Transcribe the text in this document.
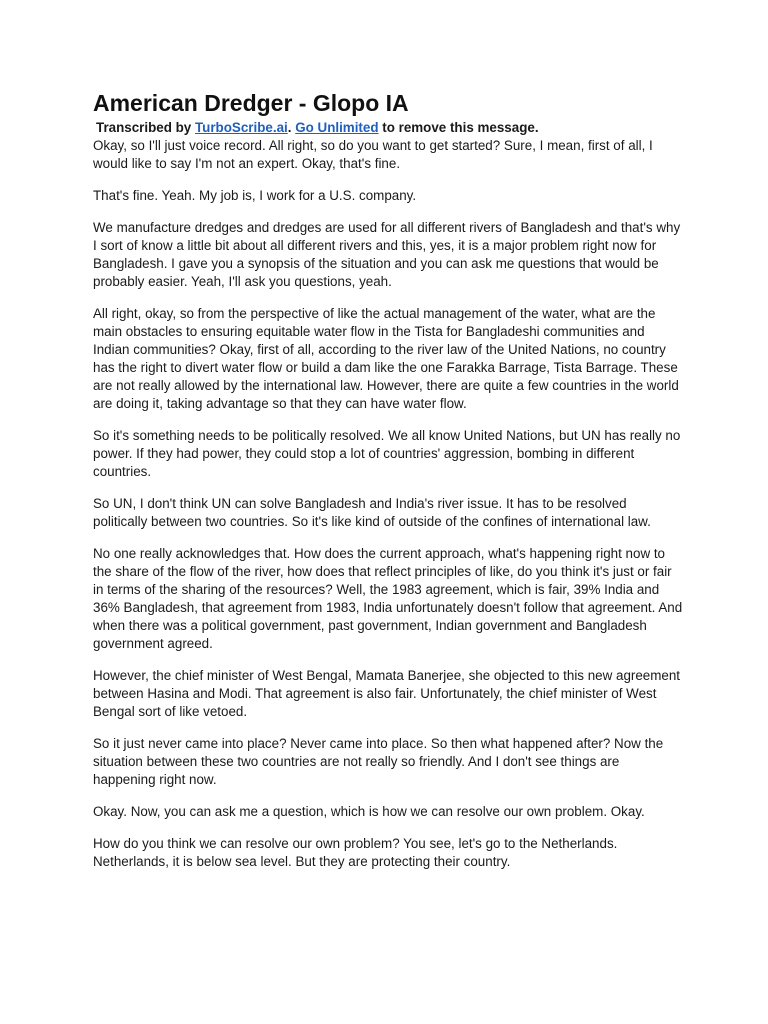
American Dredger - Glopo IA
Transcribed by TurboScribe.ai. Go Unlimited to remove this message.

Okay, so I'll just voice record. All right, so do you want to get started? Sure, I mean, first of all, I would like to say I'm not an expert. Okay, that's fine.

That's fine. Yeah. My job is, I work for a U.S. company.

We manufacture dredges and dredges are used for all different rivers of Bangladesh and that's why I sort of know a little bit about all different rivers and this, yes, it is a major problem right now for Bangladesh. I gave you a synopsis of the situation and you can ask me questions that would be probably easier. Yeah, I'll ask you questions, yeah.

All right, okay, so from the perspective of like the actual management of the water, what are the main obstacles to ensuring equitable water flow in the Tista for Bangladeshi communities and Indian communities? Okay, first of all, according to the river law of the United Nations, no country has the right to divert water flow or build a dam like the one Farakka Barrage, Tista Barrage. These are not really allowed by the international law. However, there are quite a few countries in the world are doing it, taking advantage so that they can have water flow.

So it's something needs to be politically resolved. We all know United Nations, but UN has really no power. If they had power, they could stop a lot of countries' aggression, bombing in different countries.

So UN, I don't think UN can solve Bangladesh and India's river issue. It has to be resolved politically between two countries. So it's like kind of outside of the confines of international law.

No one really acknowledges that. How does the current approach, what's happening right now to the share of the flow of the river, how does that reflect principles of like, do you think it's just or fair in terms of the sharing of the resources? Well, the 1983 agreement, which is fair, 39% India and 36% Bangladesh, that agreement from 1983, India unfortunately doesn't follow that agreement. And when there was a political government, past government, Indian government and Bangladesh government agreed.

However, the chief minister of West Bengal, Mamata Banerjee, she objected to this new agreement between Hasina and Modi. That agreement is also fair. Unfortunately, the chief minister of West Bengal sort of like vetoed.

So it just never came into place? Never came into place. So then what happened after? Now the situation between these two countries are not really so friendly. And I don't see things are happening right now.

Okay. Now, you can ask me a question, which is how we can resolve our own problem. Okay.

How do you think we can resolve our own problem? You see, let's go to the Netherlands. Netherlands, it is below sea level. But they are protecting their country.
